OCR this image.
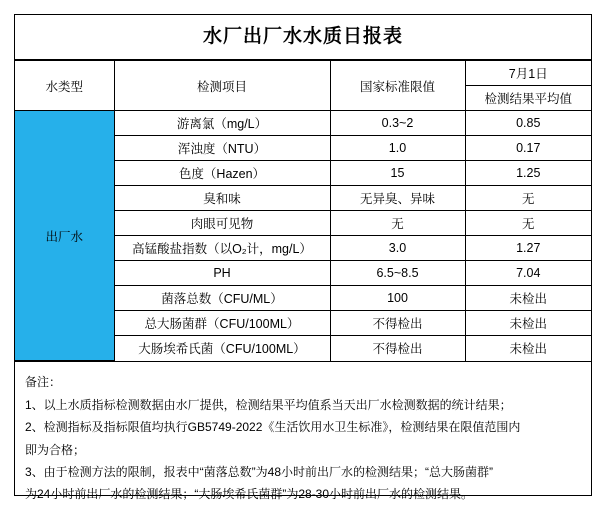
水厂出厂水水质日报表
水类型	检测项目	国家标准限值	7月1日
			检测结果平均值
出厂水	游离氯（mg/L）	0.3~2	0.85
	浑浊度（NTU）	1.0	0.17
	色度（Hazen）	15	1.25
	臭和味	无异臭、异味	无
	肉眼可见物	无	无
	高锰酸盐指数（以O₂计，mg/L）	3.0	1.27
	PH	6.5~8.5	7.04
	菌落总数（CFU/ML）	100	未检出
	总大肠菌群（CFU/100ML）	不得检出	未检出
	大肠埃希氏菌（CFU/100ML）	不得检出	未检出
备注：
1、以上水质指标检测数据由水厂提供，检测结果平均值系当天出厂水检测数据的统计结果；
2、检测指标及指标限值均执行GB5749-2022《生活饮用水卫生标准》，检测结果在限值范围内
即为合格；
3、由于检测方法的限制，报表中“菌落总数”为48小时前出厂水的检测结果；“总大肠菌群”
为24小时前出厂水的检测结果；“大肠埃希氏菌群”为28-30小时前出厂水的检测结果。
